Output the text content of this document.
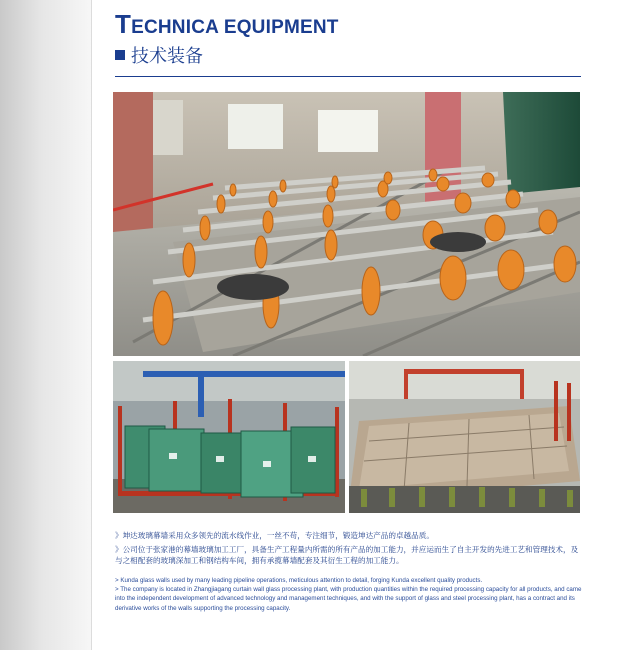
TECHNICA EQUIPMENT
技术装备
》坤达玻璃幕墙采用众多领先的流水线作业，一丝不苟，专注细节，锻造坤达产品的卓越品质。
》公司位于张家港的幕墙玻璃加工工厂，具备生产工程量内所需的所有产品的加工能力，并应运而生了自主开发的先进工艺和管理技术，及与之相配套的玻璃深加工和钢结构车间，拥有承揽幕墙配套及其衍生工程的加工能力。
> Kunda glass walls used by many leading pipeline operations, meticulous attention to detail, forging Kunda excellent quality products.
> The company is located in Zhangjiagang curtain wall glass processing plant, with production quantities within the required processing capacity for all products, and came into the independent development of advanced technology and management techniques, and with the support of glass and steel processing plant, has a contract and its derivative works of the walls supporting the processing capacity.
